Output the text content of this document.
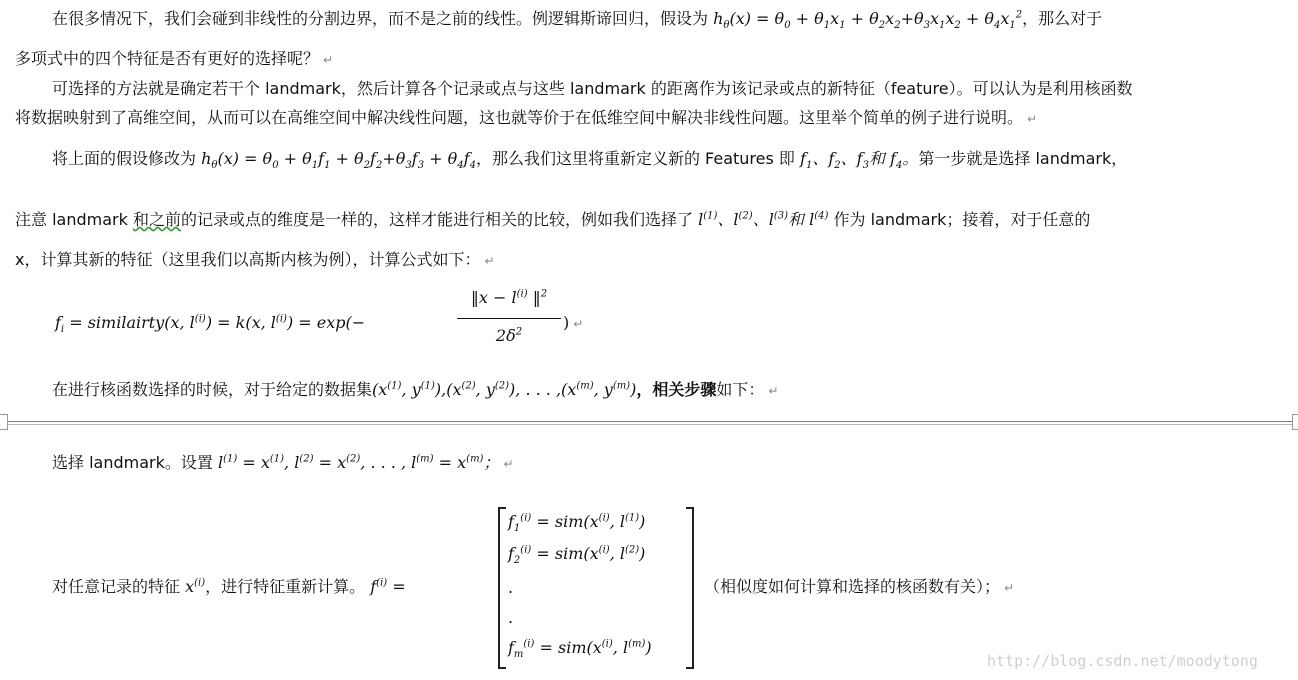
在很多情况下，我们会碰到非线性的分割边界，而不是之前的线性。例逻辑斯谛回归，假设为 $h_\theta(x) = \theta_0 + \theta_1x_1 + \theta_2x_2+\theta_3x_1x_2 + \theta_4x_1^2$，那么对于
多项式中的四个特征是否有更好的选择呢？ ↵
可选择的方法就是确定若干个 landmark，然后计算各个记录或点与这些 landmark 的距离作为该记录或点的新特征（feature）。可以认为是利用核函数
将数据映射到了高维空间，从而可以在高维空间中解决线性问题，这也就等价于在低维空间中解决非线性问题。这里举个简单的例子进行说明。 ↵
将上面的假设修改为 $h_\theta(x) = \theta_0 + \theta_1f_1 + \theta_2f_2+\theta_3f_3 + \theta_4f_4$，那么我们这里将重新定义新的 Features 即 $f_1$、$f_2$、$f_3$和 $f_4$。第一步就是选择 landmark，
注意 landmark 和之前的记录或点的维度是一样的，这样才能进行相关的比较，例如我们选择了 $l^{(1)}$、$l^{(2)}$、$l^{(3)}$和 $l^{(4)}$ 作为 landmark；接着，对于任意的
x，计算其新的特征（这里我们以高斯内核为例），计算公式如下： ↵
$f_i$ = similairty(x, $l^{(i)}) = k(x$, $l^{(i)}) = \exp(-$
‖x − $l^{(i)}$ ‖$^2$
$2\delta^2$
) ↵
在进行核函数选择的时候，对于给定的数据集($x^{(1)}$, $y^{(1)}),(x^{(2)}$, $y^{(2)}$), . . . $,(x^{(m)}$, $y^{(m)}$)，相关步骤如下： ↵
选择 landmark。设置 $l^{(1)} = x^{(1)}$, $l^{(2)} = x^{(2)}$, . . . , $l^{(m)} = x^{(m)}$； ↵
对任意记录的特征 $x^{(i)}$，进行特征重新计算。 $f^{(i)}$ =
$f_1^{(i)} = sim(x^{(i)}$, $l^{(1)}$)
$f_2^{(i)} = sim(x^{(i)}$, $l^{(2)}$)
.
.
$f_m^{(i)} = sim(x^{(i)}$, $l^{(m)}$)
（相似度如何计算和选择的核函数有关）； ↵
http://blog.csdn.net/moodytong
